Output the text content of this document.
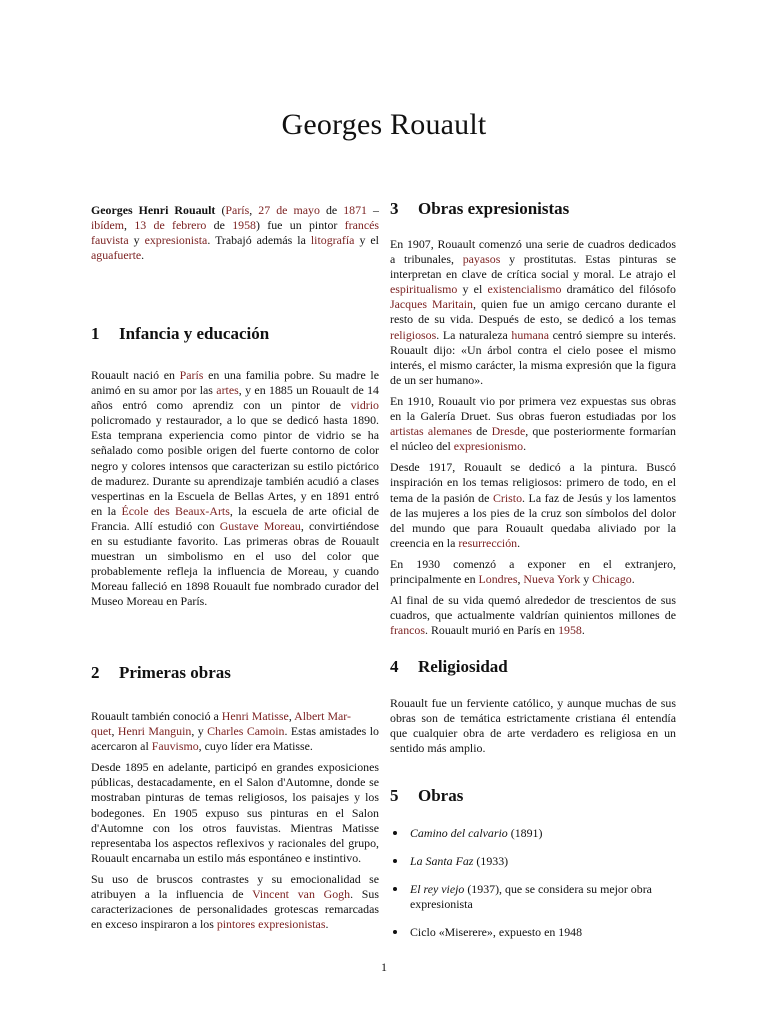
Georges Rouault

Georges Henri Rouault (París, 27 de mayo de 1871 – ibídem, 13 de febrero de 1958) fue un pintor francés fauvista y expresionista. Trabajó además la litografía y el aguafuerte.

1 Infancia y educación

Rouault nació en París en una familia pobre. Su madre le animó en su amor por las artes, y en 1885 un Rouault de 14 años entró como aprendiz con un pintor de vidrio policromado y restaurador, a lo que se dedicó hasta 1890. Esta temprana experiencia como pintor de vidrio se ha señalado como posible origen del fuerte contorno de color negro y colores intensos que caracterizan su estilo pictórico de madurez. Durante su aprendizaje también acudió a clases vespertinas en la Escuela de Bellas Artes, y en 1891 entró en la École des Beaux-Arts, la escuela de arte oficial de Francia. Allí estudió con Gustave Moreau, convirtiéndose en su estudiante favorito. Las primeras obras de Rouault muestran un simbolismo en el uso del color que probablemente refleja la influencia de Moreau, y cuando Moreau falleció en 1898 Rouault fue nombrado curador del Museo Moreau en París.

2 Primeras obras

Rouault también conoció a Henri Matisse, Albert Mar-
quet, Henri Manguin, y Charles Camoin. Estas amistades lo acercaron al Fauvismo, cuyo líder era Matisse.

Desde 1895 en adelante, participó en grandes exposiciones públicas, destacadamente, en el Salon d'Automne, donde se mostraban pinturas de temas religiosos, los paisajes y los bodegones. En 1905 expuso sus pinturas en el Salon d'Automne con los otros fauvistas. Mientras Matisse representaba los aspectos reflexivos y racionales del grupo, Rouault encarnaba un estilo más espontáneo e instintivo.

Su uso de bruscos contrastes y su emocionalidad se atribuyen a la influencia de Vincent van Gogh. Sus caracterizaciones de personalidades grotescas remarcadas en exceso inspiraron a los pintores expresionistas.

3 Obras expresionistas

En 1907, Rouault comenzó una serie de cuadros dedicados a tribunales, payasos y prostitutas. Estas pinturas se interpretan en clave de crítica social y moral. Le atrajo el espiritualismo y el existencialismo dramático del filósofo Jacques Maritain, quien fue un amigo cercano durante el resto de su vida. Después de esto, se dedicó a los temas religiosos. La naturaleza humana centró siempre su interés. Rouault dijo: «Un árbol contra el cielo posee el mismo interés, el mismo carácter, la misma expresión que la figura de un ser humano».

En 1910, Rouault vio por primera vez expuestas sus obras en la Galería Druet. Sus obras fueron estudiadas por los artistas alemanes de Dresde, que posteriormente formarían el núcleo del expresionismo.

Desde 1917, Rouault se dedicó a la pintura. Buscó inspiración en los temas religiosos: primero de todo, en el tema de la pasión de Cristo. La faz de Jesús y los lamentos de las mujeres a los pies de la cruz son símbolos del dolor del mundo que para Rouault quedaba aliviado por la creencia en la resurrección.

En 1930 comenzó a exponer en el extranjero, principalmente en Londres, Nueva York y Chicago.

Al final de su vida quemó alrededor de trescientos de sus cuadros, que actualmente valdrían quinientos millones de francos. Rouault murió en París en 1958.

4 Religiosidad

Rouault fue un ferviente católico, y aunque muchas de sus obras son de temática estrictamente cristiana él entendía que cualquier obra de arte verdadero es religiosa en un sentido más amplio.

5 Obras
Camino del calvario (1891)
La Santa Faz (1933)
El rey viejo (1937), que se considera su mejor obra expresionista
Ciclo «Miserere», expuesto en 1948
1
